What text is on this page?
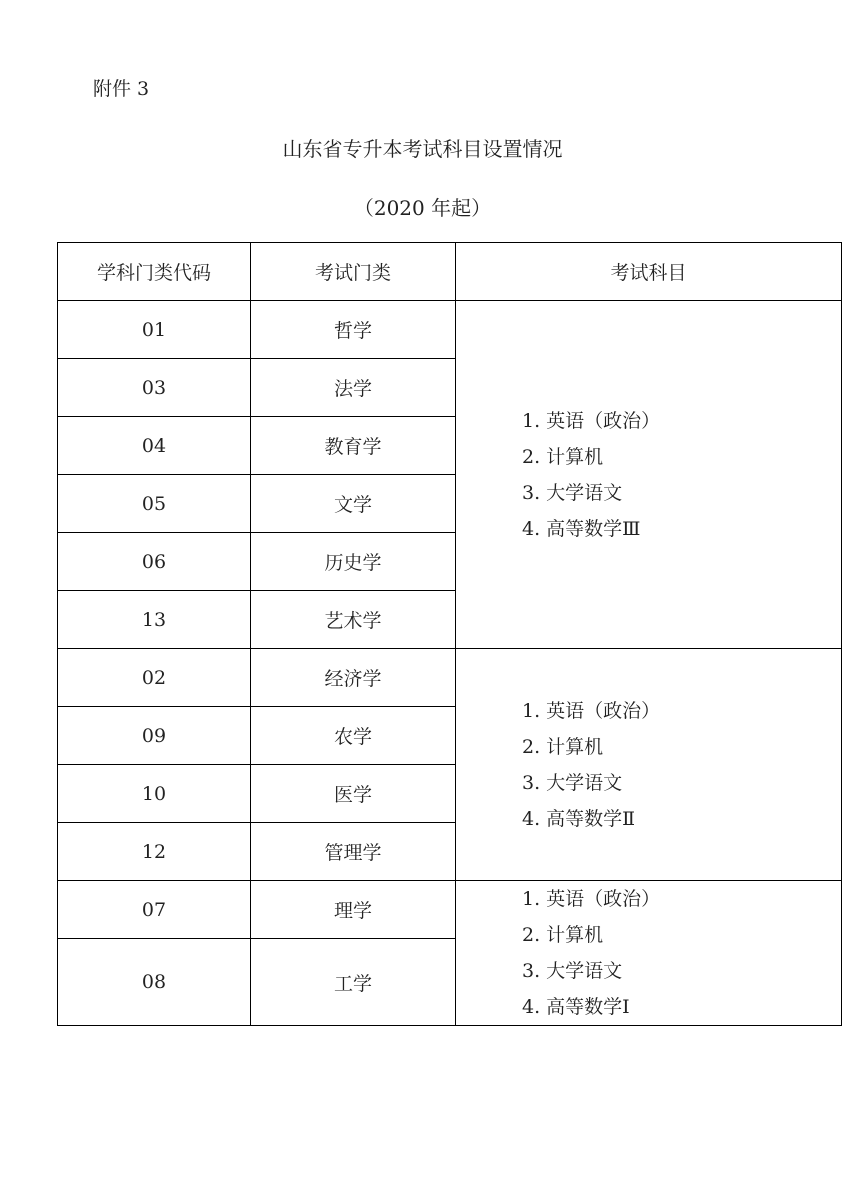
附件 3
山东省专升本考试科目设置情况
（2020 年起）
学科门类代码	考试门类	考试科目
01	哲学	1. 英语（政治）
2. 计算机
3. 大学语文
4. 高等数学Ⅲ

03	法学	
04	教育学	
05	文学	
06	历史学	
13	艺术学	
02	经济学	1. 英语（政治）
2. 计算机
3. 大学语文
4. 高等数学Ⅱ

09	农学	
10	医学	
12	管理学	
07	理学	1. 英语（政治）
2. 计算机
3. 大学语文
4. 高等数学Ⅰ

08	工学	
